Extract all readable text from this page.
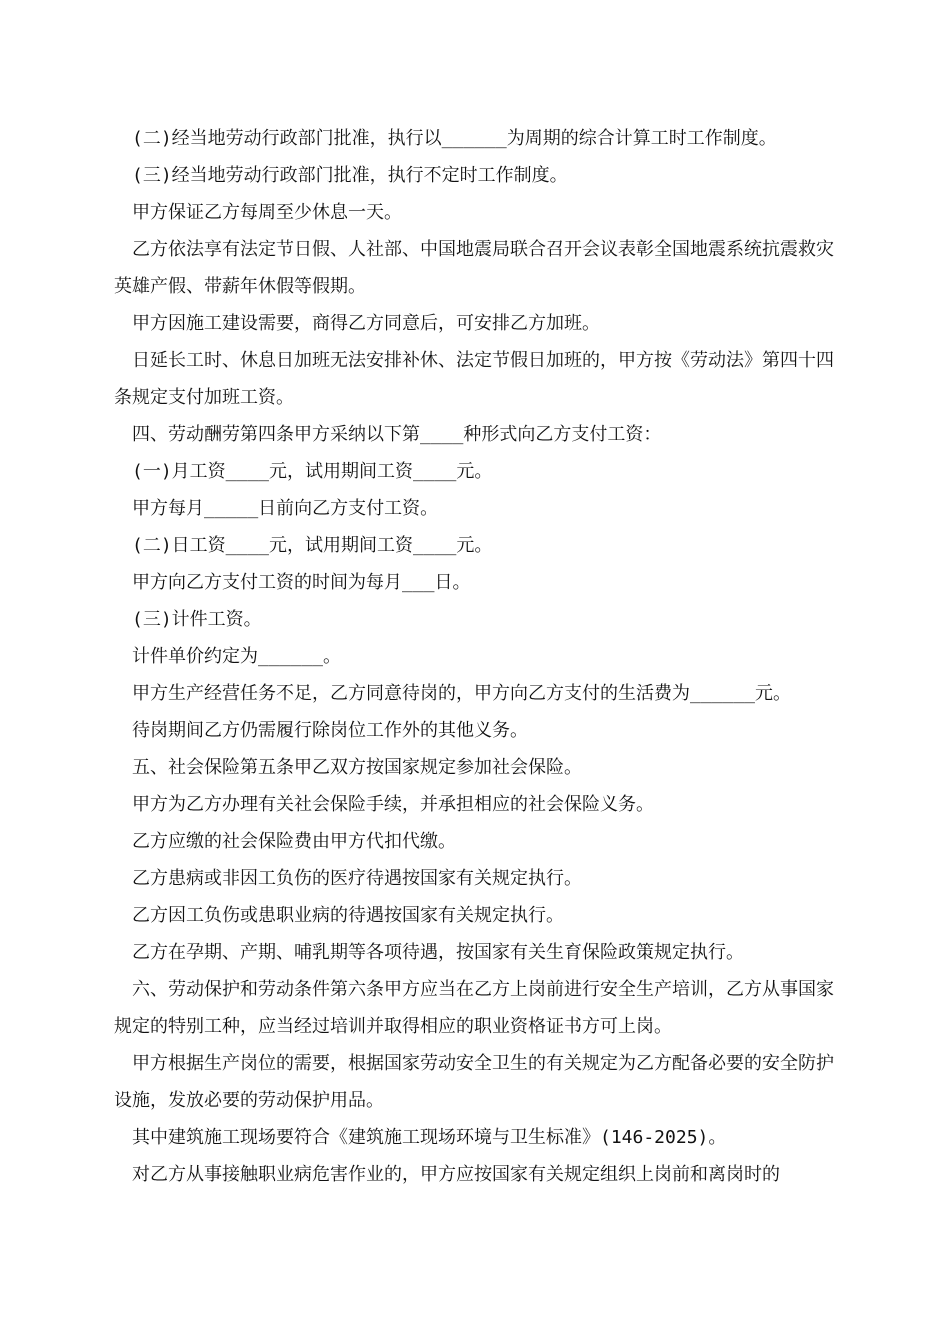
(二)经当地劳动行政部门批准，执行以______为周期的综合计算工时工作制度。

(三)经当地劳动行政部门批准，执行不定时工作制度。

甲方保证乙方每周至少休息一天。

乙方依法享有法定节日假、人社部、中国地震局联合召开会议表彰全国地震系统抗震救灾英雄产假、带薪年休假等假期。

甲方因施工建设需要，商得乙方同意后，可安排乙方加班。

日延长工时、休息日加班无法安排补休、法定节假日加班的，甲方按《劳动法》第四十四条规定支付加班工资。

四、劳动酬劳第四条甲方采纳以下第____种形式向乙方支付工资：

(一)月工资____元，试用期间工资____元。

甲方每月_____日前向乙方支付工资。

(二)日工资____元，试用期间工资____元。

甲方向乙方支付工资的时间为每月___日。

(三)计件工资。

计件单价约定为______。

甲方生产经营任务不足，乙方同意待岗的，甲方向乙方支付的生活费为______元。

待岗期间乙方仍需履行除岗位工作外的其他义务。

五、社会保险第五条甲乙双方按国家规定参加社会保险。

甲方为乙方办理有关社会保险手续，并承担相应的社会保险义务。

乙方应缴的社会保险费由甲方代扣代缴。

乙方患病或非因工负伤的医疗待遇按国家有关规定执行。

乙方因工负伤或患职业病的待遇按国家有关规定执行。

乙方在孕期、产期、哺乳期等各项待遇，按国家有关生育保险政策规定执行。

六、劳动保护和劳动条件第六条甲方应当在乙方上岗前进行安全生产培训，乙方从事国家规定的特别工种，应当经过培训并取得相应的职业资格证书方可上岗。

甲方根据生产岗位的需要，根据国家劳动安全卫生的有关规定为乙方配备必要的安全防护设施，发放必要的劳动保护用品。

其中建筑施工现场要符合《建筑施工现场环境与卫生标准》(146-2025)。

对乙方从事接触职业病危害作业的，甲方应按国家有关规定组织上岗前和离岗时的
